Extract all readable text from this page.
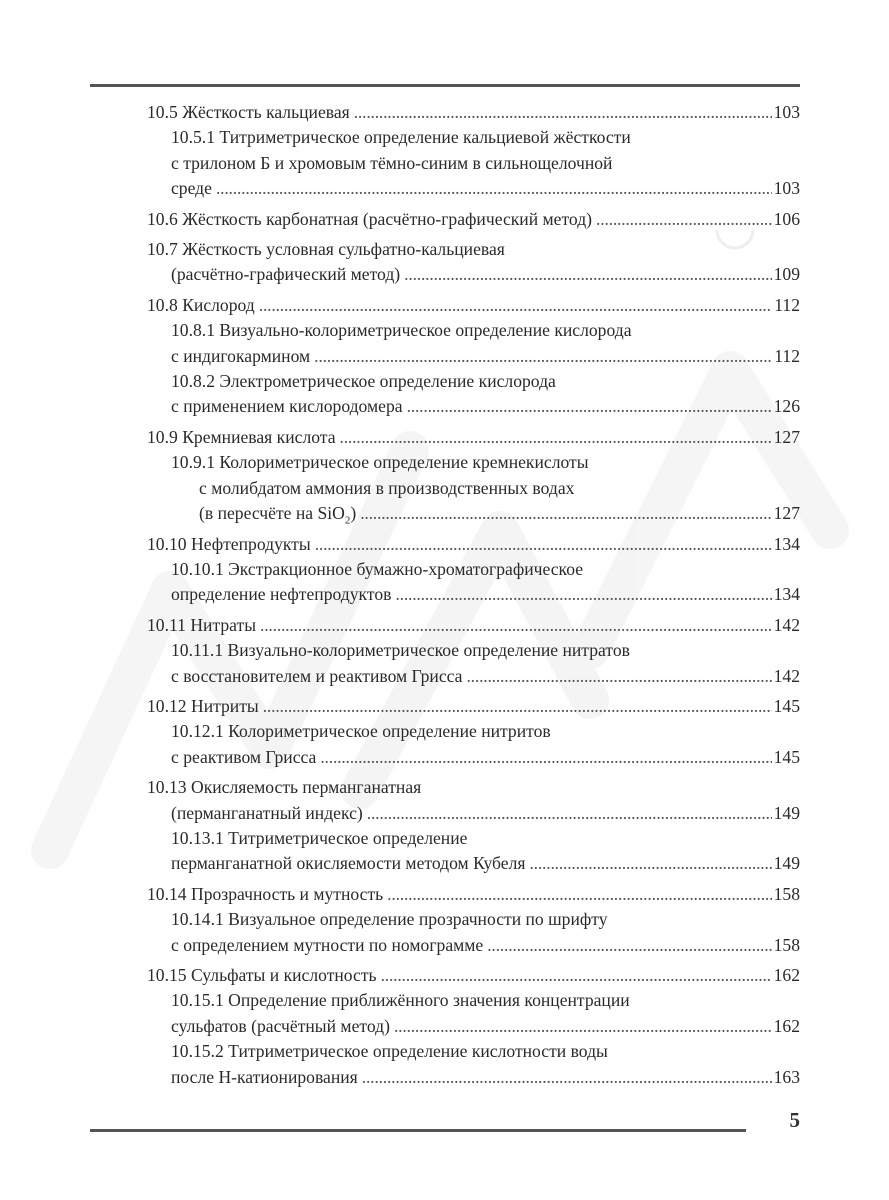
10.5 Жёсткость кальциевая . . .	103
10.5.1 Титриметрическое определение кальциевой жёсткости
с трилоном Б и хромовым тёмно-синим в сильнощелочной
среде . . .	103
10.6 Жёсткость карбонатная (расчётно-графический метод) . . .	106
10.7 Жёсткость условная сульфатно-кальциевая
(расчётно-графический метод) . . .	109
10.8 Кислород . . .	112
10.8.1 Визуально-колориметрическое определение кислорода
с индигокармином . . .	112
10.8.2 Электрометрическое определение кислорода
с применением кислородомера . . .	126
10.9 Кремниевая кислота . . .	127
10.9.1 Колориметрическое определение кремнекислоты
с молибдатом аммония в производственных водах
(в пересчёте на SiO$_2$) . . .	127
10.10 Нефтепродукты . . .	134
10.10.1 Экстракционное бумажно-хроматографическое
определение нефтепродуктов . . .	134
10.11 Нитраты . . .	142
10.11.1 Визуально-колориметрическое определение нитратов
с восстановителем и реактивом Грисса . . .	142
10.12 Нитриты . . .	145
10.12.1 Колориметрическое определение нитритов
с реактивом Грисса . . .	145
10.13 Окисляемость перманганатная
(перманганатный индекс) . . .	149
10.13.1 Титриметрическое определение
перманганатной окисляемости методом Кубеля . . .	149
10.14 Прозрачность и мутность . . .	158
10.14.1 Визуальное определение прозрачности по шрифту
с определением мутности по номограмме . . .	158
10.15 Сульфаты и кислотность . . .	162
10.15.1 Определение приближённого значения концентрации
сульфатов (расчётный метод) . . .	162
10.15.2 Титриметрическое определение кислотности воды
после Н-катионирования . . .	163
5
